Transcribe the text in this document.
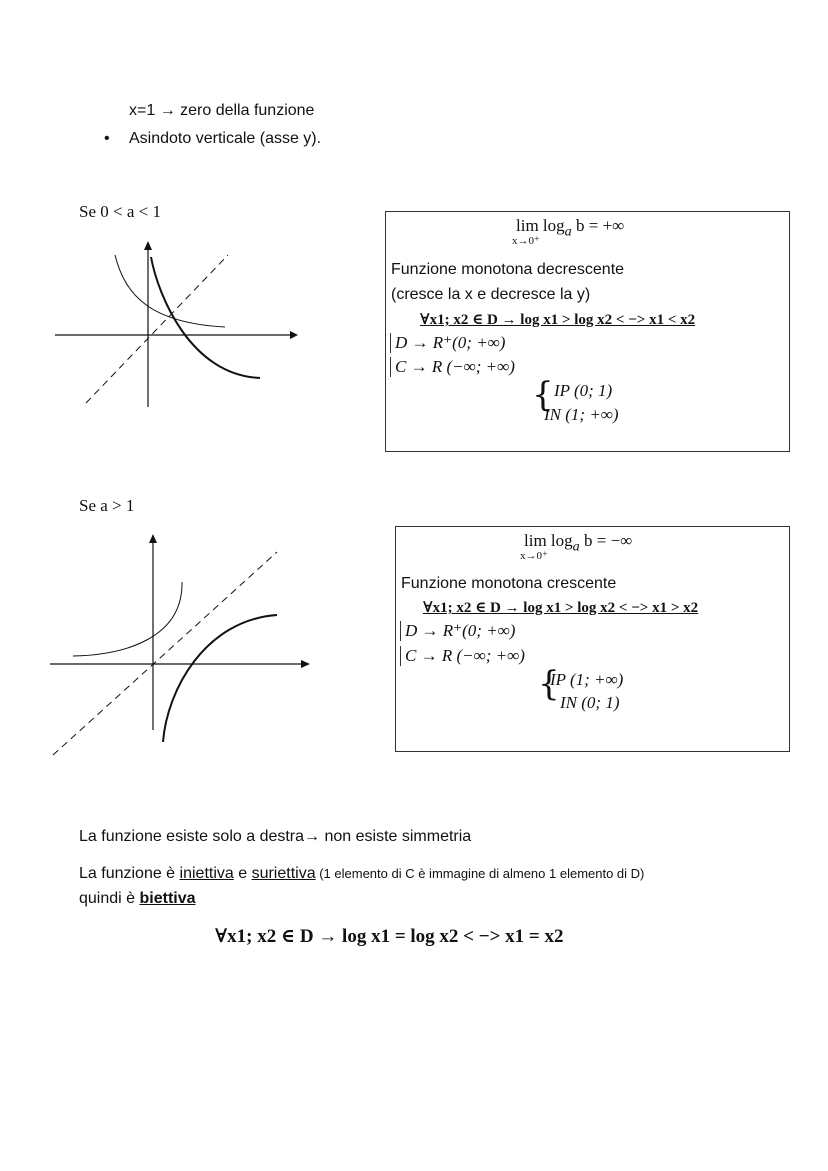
x=1 → zero della funzione
• Asindoto verticale (asse y).
Se 0 < a < 1
$\lim \log_a b$ = +∞
x→0⁺
Funzione monotona decrescente
(cresce la x e decresce la y)
∀x1; x2 ∈ D → log x1 > log x2 < −> x1 < x2
D → R⁺(0; +∞)
C → R (−∞; +∞)
{ IP (0; 1)
IN (1; +∞)
Se a > 1
$\lim \log_a b$ = −∞
x→0⁺
Funzione monotona crescente
∀x1; x2 ∈ D → log x1 > log x2 < −> x1 > x2
D → R⁺(0; +∞)
C → R (−∞; +∞)
{
IP (1; +∞)
IN (0; 1)
La funzione esiste solo a destra→ non esiste simmetria
La funzione è iniettiva e suriettiva (1 elemento di C è immagine di almeno 1 elemento di D)
quindi è biettiva
∀x1; x2 ∈ D → log x1 = log x2 < −> x1 = x2
